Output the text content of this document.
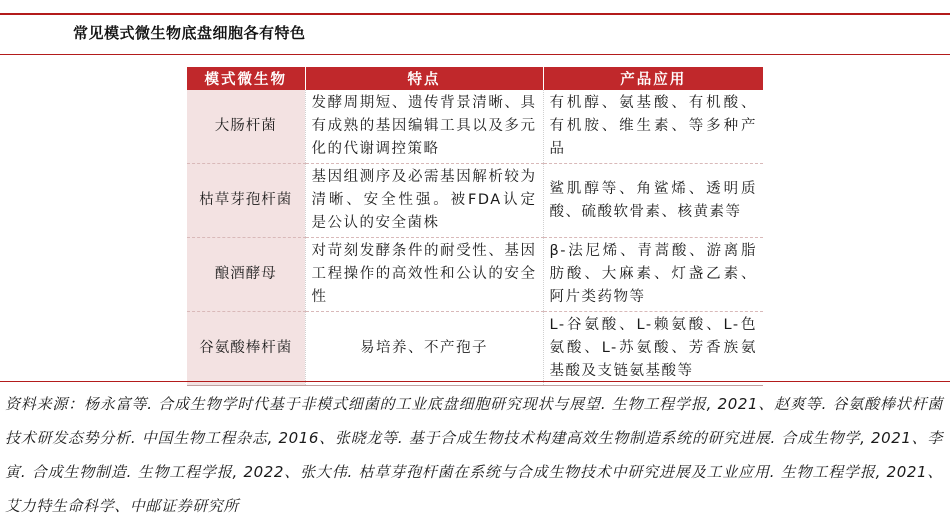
常见模式微生物底盘细胞各有特色
模式微生物	特点	产品应用
大肠杆菌	发酵周期短、遗传背景清晰、具有成熟的基因编辑工具以及多元化的代谢调控策略	有机醇、氨基酸、有机酸、有机胺、维生素、等多种产品
枯草芽孢杆菌	基因组测序及必需基因解析较为清晰、安全性强。被FDA认定是公认的安全菌株	鲨肌醇等、角鲨烯、透明质酸、硫酸软骨素、核黄素等
酿酒酵母	对苛刻发酵条件的耐受性、基因工程操作的高效性和公认的安全性	β-法尼烯、青蒿酸、游离脂肪酸、大麻素、灯盏乙素、阿片类药物等
谷氨酸棒杆菌	易培养、不产孢子	L-谷氨酸、L-赖氨酸、L-色氨酸、L-苏氨酸、芳香族氨基酸及支链氨基酸等
资料来源：杨永富等. 合成生物学时代基于非模式细菌的工业底盘细胞研究现状与展望. 生物工程学报, 2021、赵爽等. 谷氨酸棒状杆菌技术研发态势分析. 中国生物工程杂志, 2016、张晓龙等. 基于合成生物技术构建高效生物制造系统的研究进展. 合成生物学, 2021、李寅. 合成生物制造. 生物工程学报, 2022、张大伟. 枯草芽孢杆菌在系统与合成生物技术中研究进展及工业应用. 生物工程学报, 2021、艾力特生命科学、中邮证券研究所
